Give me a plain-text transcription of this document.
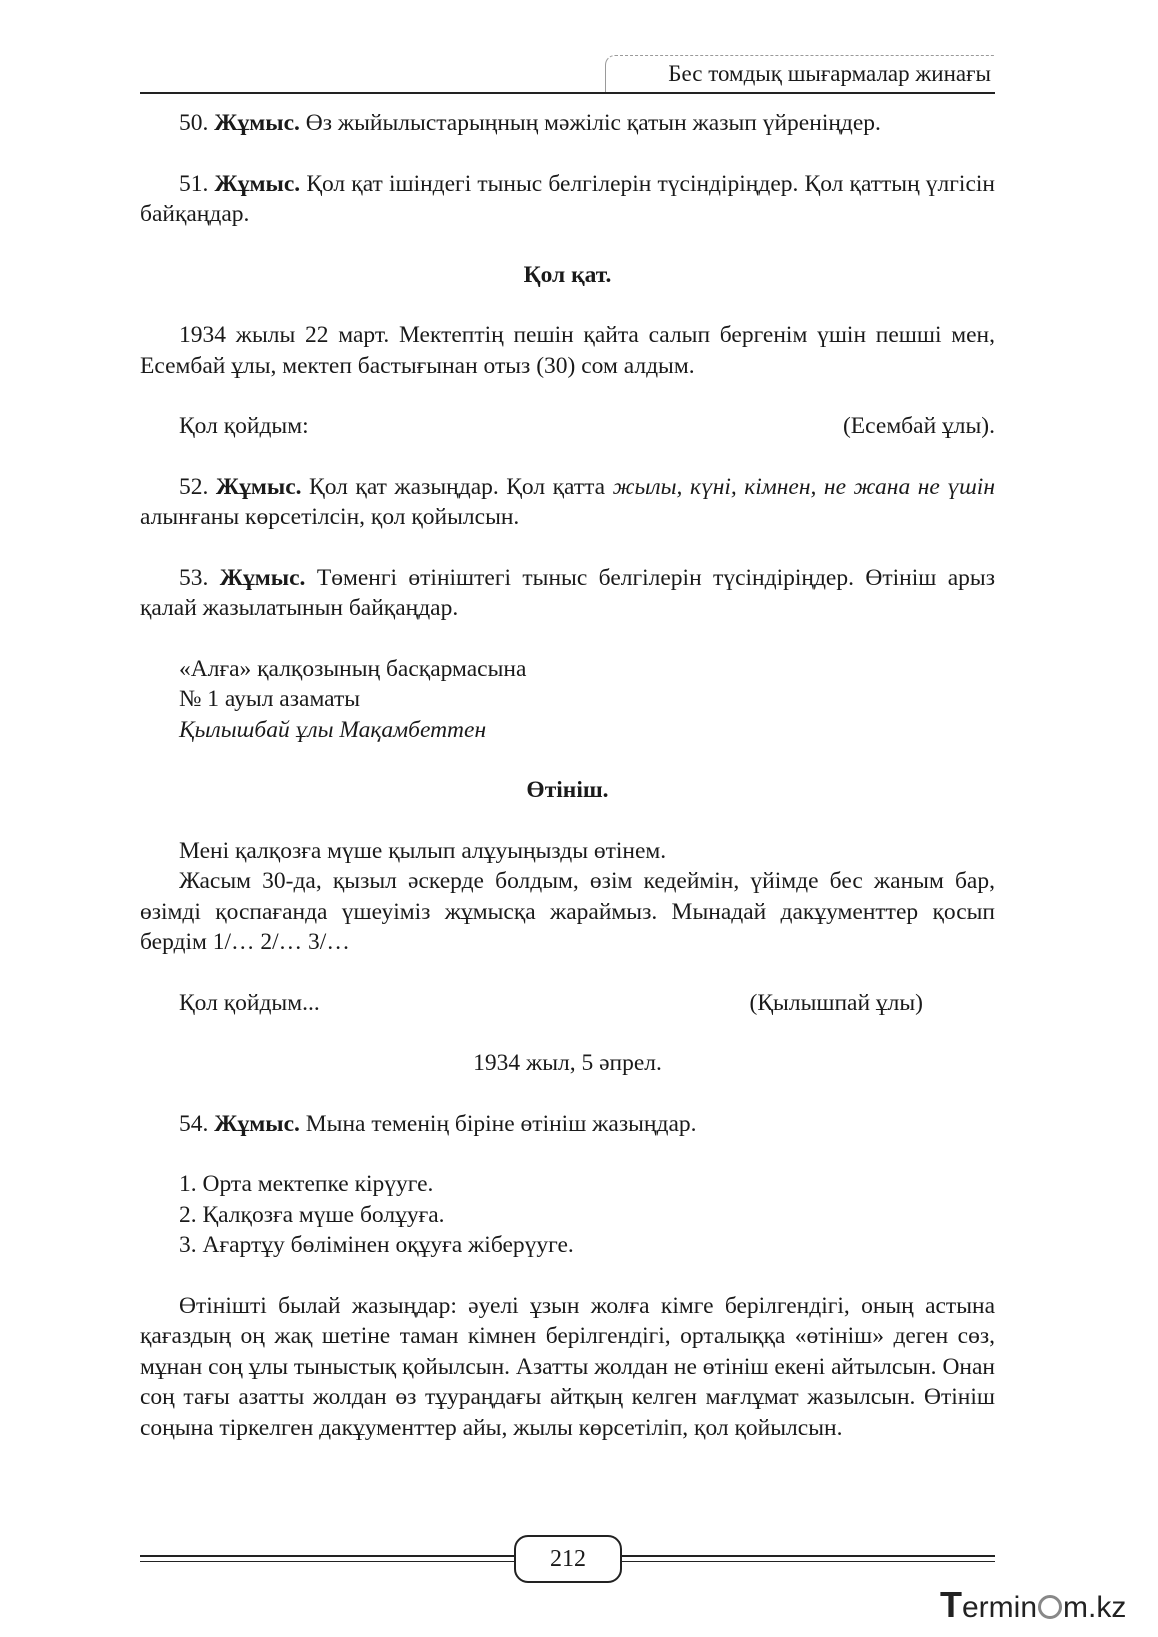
Бес томдық шығармалар жинағы

50. Жұмыс. Өз жыйылыстарыңның мәжіліс қатын жазып үйреніңдер.

51. Жұмыс. Қол қат ішіндегі тыныс белгілерін түсіндіріңдер. Қол қаттың үлгісін байқаңдар.

Қол қат.

1934 жылы 22 март. Мектептің пешін қайта салып бергенім үшін пешші мен, Есембай ұлы, мектеп бастығынан отыз (30) сом алдым.

Қол қойдым:	(Есембай ұлы).

52. Жұмыс. Қол қат жазыңдар. Қол қатта жылы, күні, кімнен, не жана не үшін алынғаны көрсетілсін, қол қойылсын.

53. Жұмыс. Төменгі өтініштегі тыныс белгілерін түсіндіріңдер. Өтініш арыз қалай жазылатынын байқаңдар.

«Алға» қалқозының басқармасына

№ 1 ауыл азаматы

Қылышбай ұлы Мақамбеттен

Өтініш.

Мені қалқозға мүше қылып алұуыңызды өтінем.

Жасым 30-да, қызыл әскерде болдым, өзім кедеймін, үйімде бес жаным бар, өзімді қоспағанда үшеуіміз жұмысқа жараймыз. Мынадай дакұументтер қосып бердім 1/… 2/… 3/…

Қол қойдым...	(Қылышпай ұлы)

1934 жыл, 5 әпрел.

54. Жұмыс. Мына теменің біріне өтініш жазыңдар.

1. Орта мектепке кірүуге.

2. Қалқозға мүше болұуға.

3. Ағартұу бөлімінен оқұуға жіберүуге.

Өтінішті былай жазыңдар: әуелі ұзын жолға кімге берілгендігі, оның астына қағаздың оң жақ шетіне таман кімнен берілгендігі, орталыққа «өтініш» деген сөз, мұнан соң ұлы тыныстық қойылсын. Азатты жолдан не өтініш екені айтылсын. Онан соң тағы азатты жолдан өз тұураңдағы айтқың келген мағлұмат жазылсын. Өтініш соңына тіркелген дакұументтер айы, жылы көрсетіліп, қол қойылсын.

212
Termin m.kz
